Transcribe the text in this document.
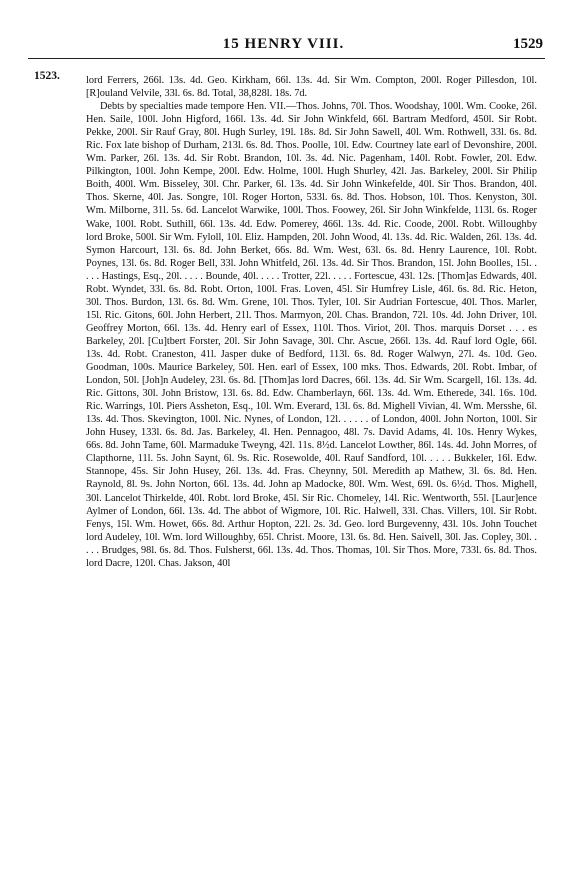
15 HENRY VIII.	1529
1523.	lord Ferrers, 266l. 13s. 4d. Geo. Kirkham, 66l. 13s. 4d. Sir Wm. Compton, 200l. Roger Pillesdon, 10l. [R]ouland Velvile, 33l. 6s. 8d. Total, 38,828l. 18s. 7d.

Debts by specialties made tempore Hen. VII.—Thos. Johns, 70l. Thos. Woodshay, 100l. Wm. Cooke, 26l. Hen. Saile, 100l. John Higford, 166l. 13s. 4d. Sir John Winkfeld, 66l. Bartram Medford, 450l. Sir Robt. Pekke, 200l. Sir Rauf Gray, 80l. Hugh Surley, 19l. 18s. 8d. Sir John Sawell, 40l. Wm. Rothwell, 33l. 6s. 8d. Ric. Fox late bishop of Durham, 213l. 6s. 8d. Thos. Poolle, 10l. Edw. Courtney late earl of Devonshire, 200l. Wm. Parker, 26l. 13s. 4d. Sir Robt. Brandon, 10l. 3s. 4d. Nic. Pagenham, 140l. Robt. Fowler, 20l. Edw. Pilkington, 100l. John Kempe, 200l. Edw. Holme, 100l. Hugh Shurley, 42l. Jas. Barkeley, 200l. Sir Philip Boith, 400l. Wm. Bisseley, 30l. Chr. Parker, 6l. 13s. 4d. Sir John Winkefelde, 40l. Sir Thos. Brandon, 40l. Thos. Skerne, 40l. Jas. Songre, 10l. Roger Horton, 533l. 6s. 8d. Thos. Hobson, 10l. Thos. Kenyston, 30l. Wm. Milborne, 31l. 5s. 6d. Lancelot Warwike, 100l. Thos. Foowey, 26l. Sir John Winkfelde, 113l. 6s. Roger Wake, 100l. Robt. Suthill, 66l. 13s. 4d. Edw. Pomerey, 466l. 13s. 4d. Ric. Coode, 200l. Robt. Willoughby lord Broke, 500l. Sir Wm. Fyloll, 10l. Eliz. Hampden, 20l. John Wood, 4l. 13s. 4d. Ric. Walden, 26l. 13s. 4d. Symon Harcourt, 13l. 6s. 8d. John Berket, 66s. 8d. Wm. West, 63l. 6s. 8d. Henry Laurence, 10l. Robt. Poynes, 13l. 6s. 8d. Roger Bell, 33l. John Whitfeld, 26l. 13s. 4d. Sir Thos. Brandon, 15l. John Boolles, 15l. . . . . Hastings, Esq., 20l. . . . . Bounde, 40l. . . . . Trotter, 22l. . . . . Fortescue, 43l. 12s. [Thom]as Edwards, 40l. Robt. Wyndet, 33l. 6s. 8d. Robt. Orton, 100l. Fras. Loven, 45l. Sir Humfrey Lisle, 46l. 6s. 8d. Ric. Heton, 30l. Thos. Burdon, 13l. 6s. 8d. Wm. Grene, 10l. Thos. Tyler, 10l. Sir Audrian Fortescue, 40l. Thos. Marler, 15l. Ric. Gitons, 60l. John Herbert, 21l. Thos. Marmyon, 20l. Chas. Brandon, 72l. 10s. 4d. John Driver, 10l. Geoffrey Morton, 66l. 13s. 4d. Henry earl of Essex, 110l. Thos. Viriot, 20l. Thos. marquis Dorset . . . es Barkeley, 20l. [Cu]tbert Forster, 20l. Sir John Savage, 30l. Chr. Ascue, 266l. 13s. 4d. Rauf lord Ogle, 66l. 13s. 4d. Robt. Craneston, 41l. Jasper duke of Bedford, 113l. 6s. 8d. Roger Walwyn, 27l. 4s. 10d. Geo. Goodman, 100s. Maurice Barkeley, 50l. Hen. earl of Essex, 100 mks. Thos. Edwards, 20l. Robt. Imbar, of London, 50l. [Joh]n Audeley, 23l. 6s. 8d. [Thom]as lord Dacres, 66l. 13s. 4d. Sir Wm. Scargell, 16l. 13s. 4d. Ric. Gittons, 30l. John Bristow, 13l. 6s. 8d. Edw. Chamberlayn, 66l. 13s. 4d. Wm. Etherede, 34l. 16s. 10d. Ric. Warrings, 10l. Piers Assheton, Esq., 10l. Wm. Everard, 13l. 6s. 8d. Mighell Vivian, 4l. Wm. Mersshe, 6l. 13s. 4d. Thos. Skevington, 100l. Nic. Nynes, of London, 12l. . . . . . of London, 400l. John Norton, 100l. Sir John Husey, 133l. 6s. 8d. Jas. Barkeley, 4l. Hen. Pennagoo, 48l. 7s. David Adams, 4l. 10s. Henry Wykes, 66s. 8d. John Tame, 60l. Marmaduke Tweyng, 42l. 11s. 8½d. Lancelot Lowther, 86l. 14s. 4d. John Morres, of Clapthorne, 11l. 5s. John Saynt, 6l. 9s. Ric. Rosewolde, 40l. Rauf Sandford, 10l. . . . . Bukkeler, 16l. Edw. Stannope, 45s. Sir John Husey, 26l. 13s. 4d. Fras. Cheynny, 50l. Meredith ap Mathew, 3l. 6s. 8d. Hen. Raynold, 8l. 9s. John Norton, 66l. 13s. 4d. John ap Madocke, 80l. Wm. West, 69l. 0s. 6½d. Thos. Mighell, 30l. Lancelot Thirkelde, 40l. Robt. lord Broke, 45l. Sir Ric. Chomeley, 14l. Ric. Wentworth, 55l. [Laur]ence Aylmer of London, 66l. 13s. 4d. The abbot of Wigmore, 10l. Ric. Halwell, 33l. Chas. Villers, 10l. Sir Robt. Fenys, 15l. Wm. Howet, 66s. 8d. Arthur Hopton, 22l. 2s. 3d. Geo. lord Burgevenny, 43l. 10s. John Touchet lord Audeley, 10l. Wm. lord Willoughby, 65l. Christ. Moore, 13l. 6s. 8d. Hen. Saivell, 30l. Jas. Copley, 30l. . . . . Brudges, 98l. 6s. 8d. Thos. Fulsherst, 66l. 13s. 4d. Thos. Thomas, 10l. Sir Thos. More, 733l. 6s. 8d. Thos. lord Dacre, 120l. Chas. Jakson, 40l
